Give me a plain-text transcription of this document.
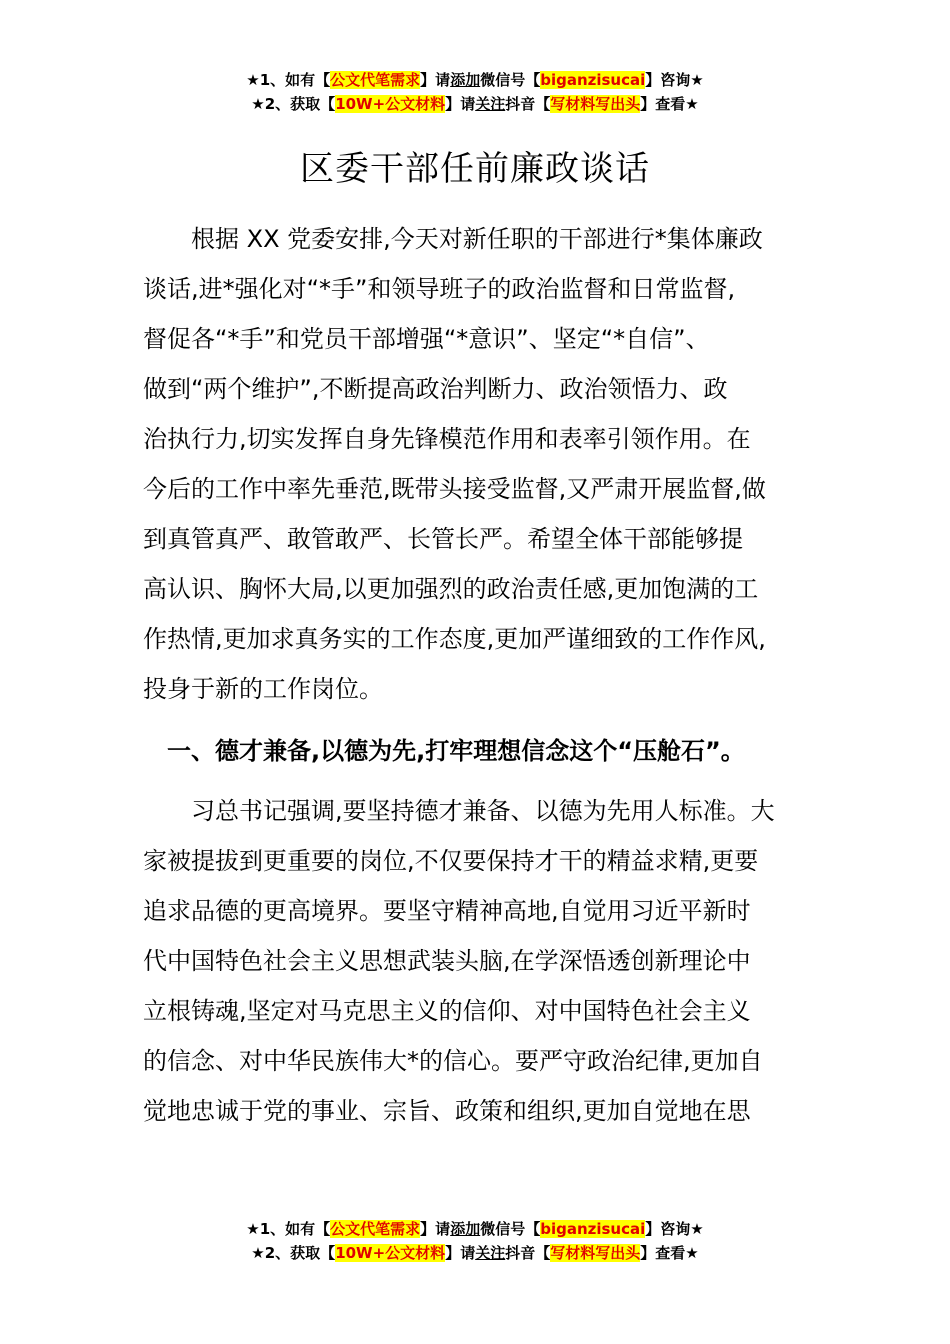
★1、如有【公文代笔需求】请添加微信号【biganzisucai】咨询★
★2、获取【10W+公文材料】请关注抖音【写材料写出头】查看★
区委干部任前廉政谈话
　　根据 XX 党委安排,今天对新任职的干部进行*集体廉政
谈话,进*强化对“*手”和领导班子的政治监督和日常监督,
督促各“*手”和党员干部增强“*意识”、坚定“*自信”、
做到“两个维护”,不断提高政治判断力、政治领悟力、政
治执行力,切实发挥自身先锋模范作用和表率引领作用。在
今后的工作中率先垂范,既带头接受监督,又严肃开展监督,做
到真管真严、敢管敢严、长管长严。希望全体干部能够提
高认识、胸怀大局,以更加强烈的政治责任感,更加饱满的工
作热情,更加求真务实的工作态度,更加严谨细致的工作作风,
投身于新的工作岗位。
　一、德才兼备,以德为先,打牢理想信念这个“压舱石”。
　　习总书记强调,要坚持德才兼备、以德为先用人标准。大
家被提拔到更重要的岗位,不仅要保持才干的精益求精,更要
追求品德的更高境界。要坚守精神高地,自觉用习近平新时
代中国特色社会主义思想武装头脑,在学深悟透创新理论中
立根铸魂,坚定对马克思主义的信仰、对中国特色社会主义
的信念、对中华民族伟大*的信心。要严守政治纪律,更加自
觉地忠诚于党的事业、宗旨、政策和组织,更加自觉地在思
★1、如有【公文代笔需求】请添加微信号【biganzisucai】咨询★
★2、获取【10W+公文材料】请关注抖音【写材料写出头】查看★
